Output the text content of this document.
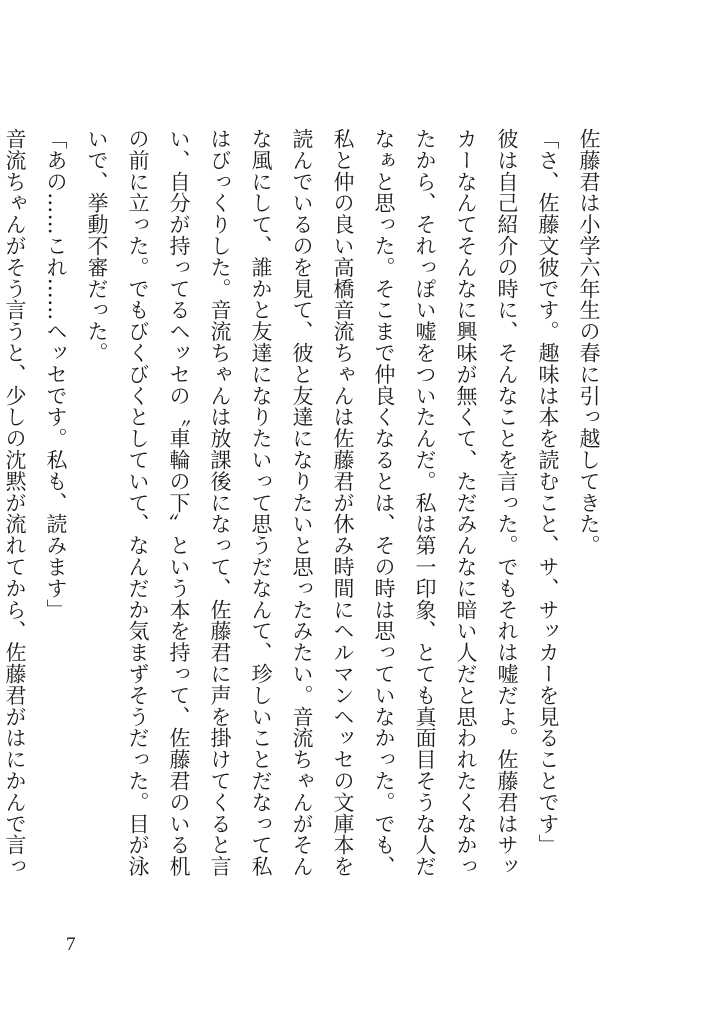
佐藤君は小学六年生の春に引っ越してきた。
「さ、佐藤文彼です。趣味は本を読むこと、サ、サッカーを見ることです」
彼は自己紹介の時に、そんなことを言った。でもそれは嘘だよ。佐藤君はサッ
カーなんてそんなに興味が無くて、ただみんなに暗い人だと思われたくなかっ
たから、それっぽい嘘をついたんだ。私は第一印象、とても真面目そうな人だ
なぁと思った。そこまで仲良くなるとは、その時は思っていなかった。でも、
私と仲の良い高橋音流ちゃんは佐藤君が休み時間にヘルマンヘッセの文庫本を
読んでいるのを見て、彼と友達になりたいと思ったみたい。音流ちゃんがそん
な風にして、誰かと友達になりたいって思うだなんて、珍しいことだなって私
はびっくりした。音流ちゃんは放課後になって、佐藤君に声を掛けてくると言
い、自分が持ってるヘッセの〝車輪の下〟という本を持って、佐藤君のいる机
の前に立った。でもびくびくとしていて、なんだか気まずそうだった。目が泳
いで、挙動不審だった。
「あの……これ……ヘッセです。私も、読みます」
音流ちゃんがそう言うと、少しの沈黙が流れてから、佐藤君がはにかんで言っ
7
